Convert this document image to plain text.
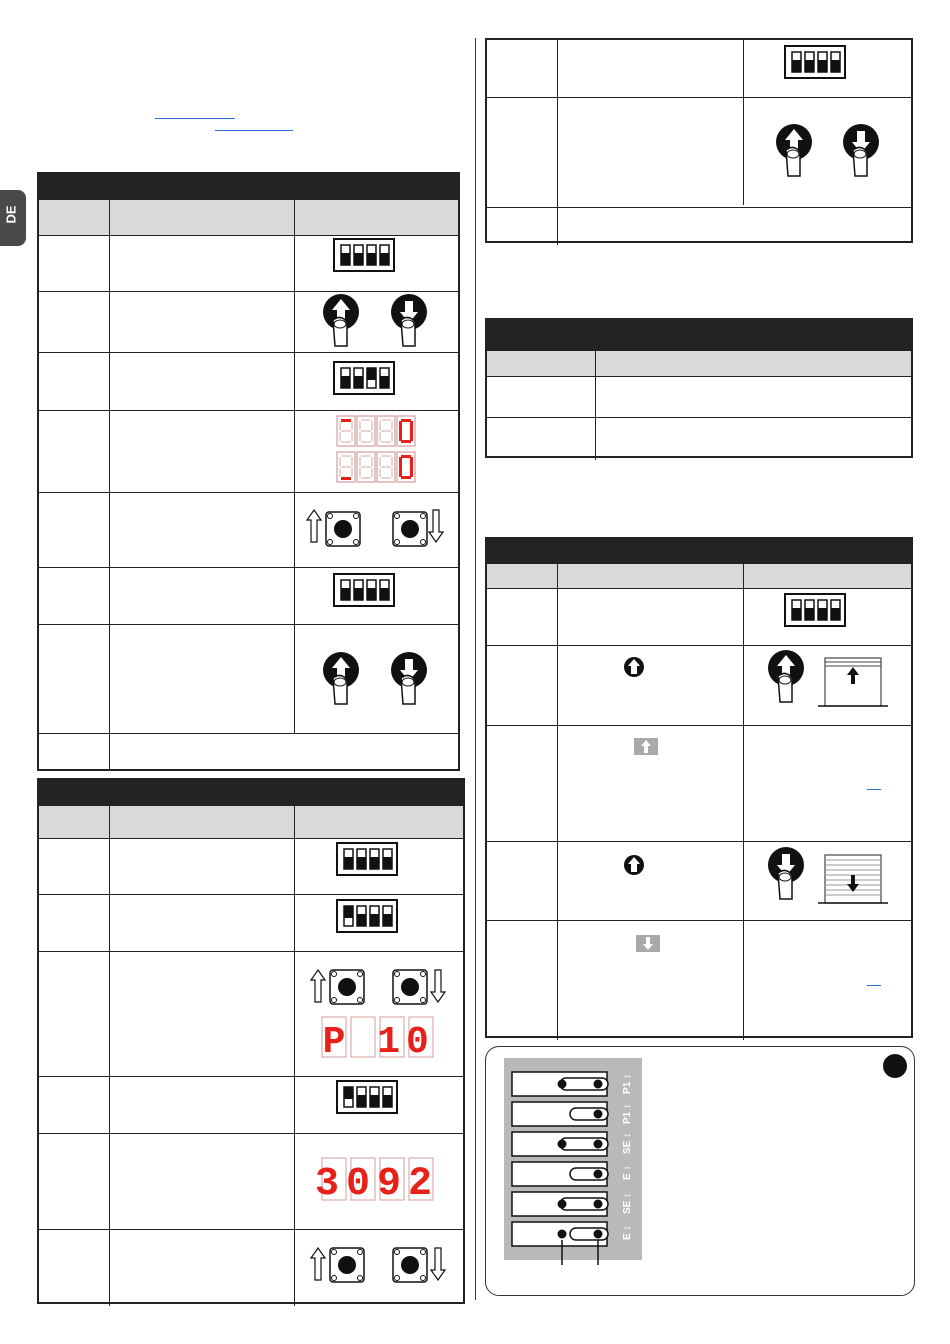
DE
P 10
3092
P1 ↕
P1 ↕
SE ↕
E ↕
SE ↕
E ↕
